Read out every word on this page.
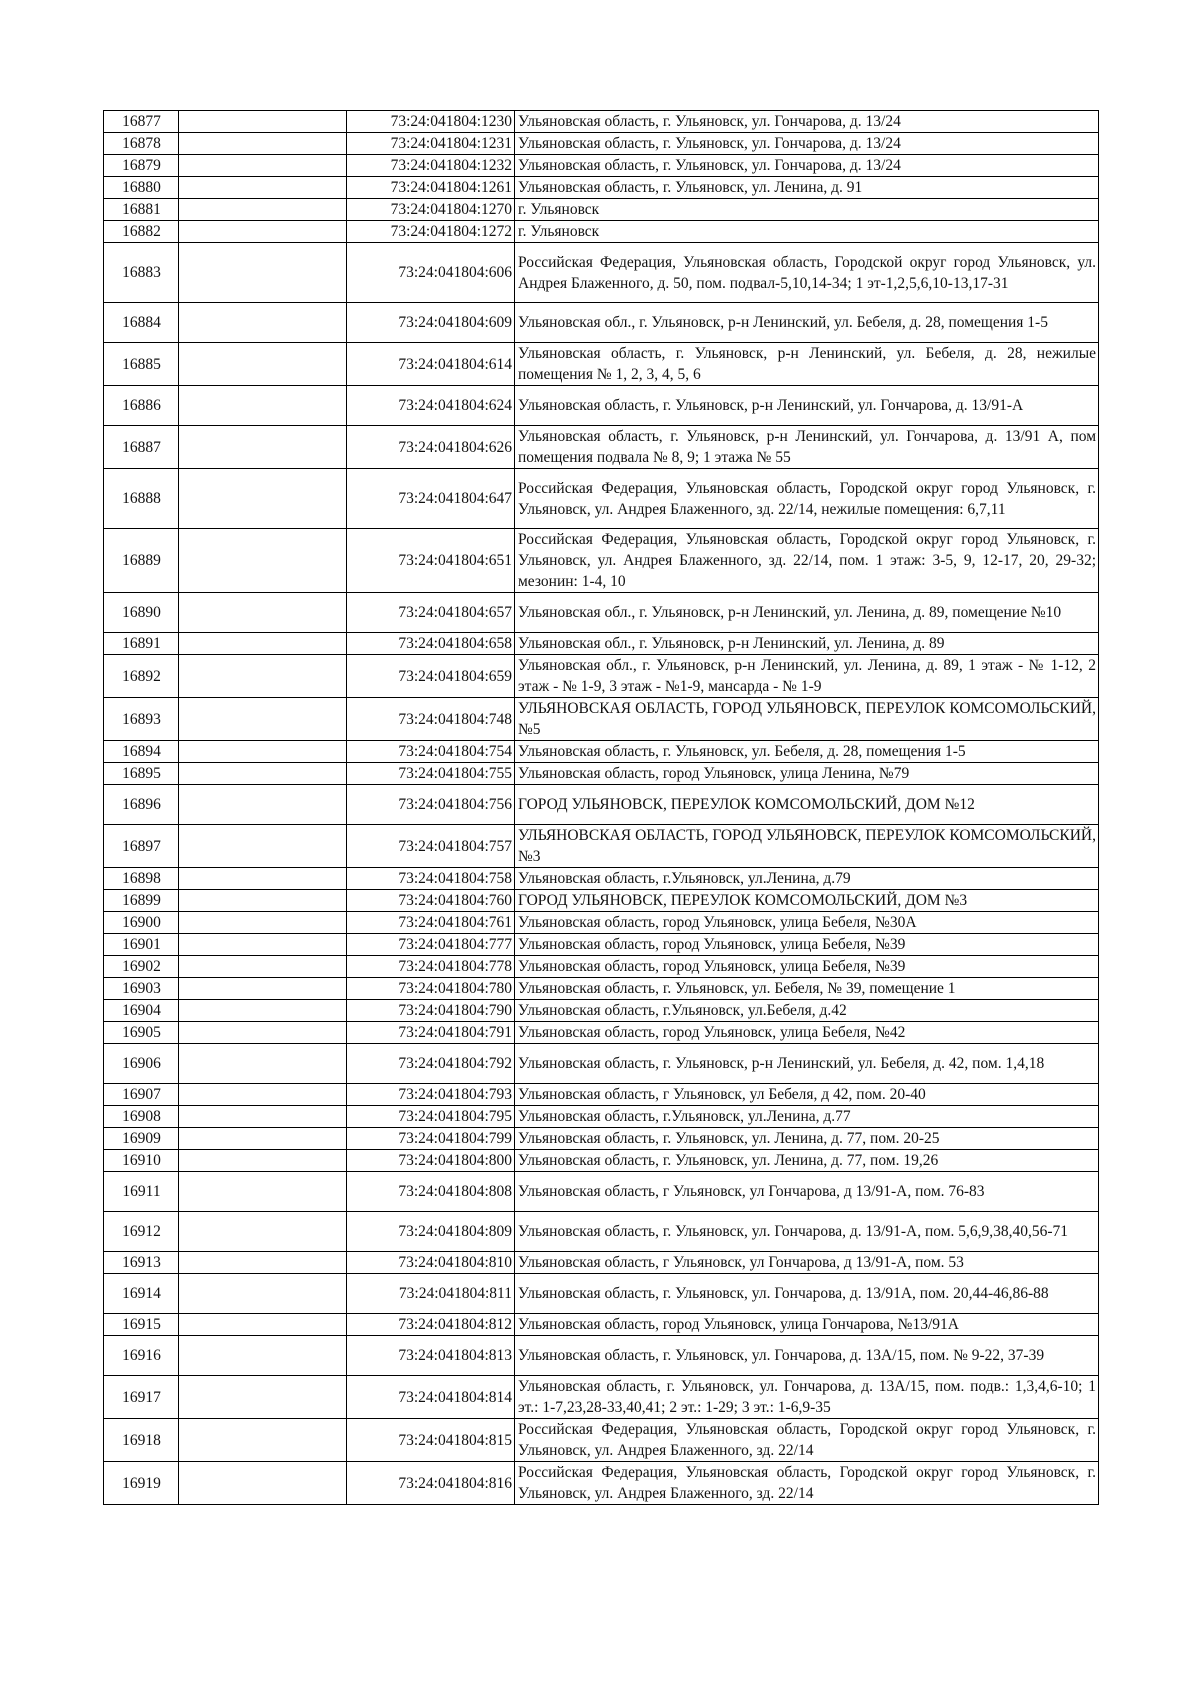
16877		73:24:041804:1230	Ульяновская область, г. Ульяновск, ул. Гончарова, д. 13/24
16878		73:24:041804:1231	Ульяновская область, г. Ульяновск, ул. Гончарова, д. 13/24
16879		73:24:041804:1232	Ульяновская область, г. Ульяновск, ул. Гончарова, д. 13/24
16880		73:24:041804:1261	Ульяновская область, г. Ульяновск, ул. Ленина, д. 91
16881		73:24:041804:1270	г. Ульяновск
16882		73:24:041804:1272	г. Ульяновск
16883		73:24:041804:606	Российская Федерация, Ульяновская область, Городской округ город Ульяновск, ул. Андрея Блаженного, д. 50, пом. подвал-5,10,14-34; 1 эт-1,2,5,6,10-13,17-31
16884		73:24:041804:609	Ульяновская обл., г. Ульяновск, р-н Ленинский, ул. Бебеля, д. 28, помещения 1-5
16885		73:24:041804:614	Ульяновская область, г. Ульяновск, р-н Ленинский, ул. Бебеля, д. 28, нежилые помещения № 1, 2, 3, 4, 5, 6
16886		73:24:041804:624	Ульяновская область, г. Ульяновск, р-н Ленинский, ул. Гончарова, д. 13/91-А
16887		73:24:041804:626	Ульяновская область, г. Ульяновск, р-н Ленинский, ул. Гончарова, д. 13/91 А, пом помещения подвала № 8, 9; 1 этажа № 55
16888		73:24:041804:647	Российская Федерация, Ульяновская область, Городской округ город Ульяновск, г. Ульяновск, ул. Андрея Блаженного, зд. 22/14, нежилые помещения: 6,7,11
16889		73:24:041804:651	Российская Федерация, Ульяновская область, Городской округ город Ульяновск, г. Ульяновск, ул. Андрея Блаженного, зд. 22/14, пом. 1 этаж: 3-5, 9, 12-17, 20, 29-32; мезонин: 1-4, 10
16890		73:24:041804:657	Ульяновская обл., г. Ульяновск, р-н Ленинский, ул. Ленина, д. 89, помещение №10
16891		73:24:041804:658	Ульяновская обл., г. Ульяновск, р-н Ленинский, ул. Ленина, д. 89
16892		73:24:041804:659	Ульяновская обл., г. Ульяновск, р-н Ленинский, ул. Ленина, д. 89, 1 этаж - № 1-12, 2 этаж - № 1-9, 3 этаж - №1-9, мансарда - № 1-9
16893		73:24:041804:748	УЛЬЯНОВСКАЯ ОБЛАСТЬ, ГОРОД УЛЬЯНОВСК, ПЕРЕУЛОК КОМСОМОЛЬСКИЙ, №5
16894		73:24:041804:754	Ульяновская область, г. Ульяновск, ул. Бебеля, д. 28, помещения 1-5
16895		73:24:041804:755	Ульяновская область, город Ульяновск, улица Ленина, №79
16896		73:24:041804:756	ГОРОД УЛЬЯНОВСК, ПЕРЕУЛОК КОМСОМОЛЬСКИЙ, ДОМ №12
16897		73:24:041804:757	УЛЬЯНОВСКАЯ ОБЛАСТЬ, ГОРОД УЛЬЯНОВСК, ПЕРЕУЛОК КОМСОМОЛЬСКИЙ, №3
16898		73:24:041804:758	Ульяновская область, г.Ульяновск, ул.Ленина, д.79
16899		73:24:041804:760	ГОРОД УЛЬЯНОВСК, ПЕРЕУЛОК КОМСОМОЛЬСКИЙ, ДОМ №3
16900		73:24:041804:761	Ульяновская область, город Ульяновск, улица Бебеля, №30А
16901		73:24:041804:777	Ульяновская область, город Ульяновск, улица Бебеля, №39
16902		73:24:041804:778	Ульяновская область, город Ульяновск, улица Бебеля, №39
16903		73:24:041804:780	Ульяновская область, г. Ульяновск, ул. Бебеля, № 39, помещение 1
16904		73:24:041804:790	Ульяновская область, г.Ульяновск, ул.Бебеля, д.42
16905		73:24:041804:791	Ульяновская область, город Ульяновск, улица Бебеля, №42
16906		73:24:041804:792	Ульяновская область, г. Ульяновск, р-н Ленинский, ул. Бебеля, д. 42, пом. 1,4,18
16907		73:24:041804:793	Ульяновская область, г Ульяновск, ул Бебеля, д 42, пом. 20-40
16908		73:24:041804:795	Ульяновская область, г.Ульяновск, ул.Ленина, д.77
16909		73:24:041804:799	Ульяновская область, г. Ульяновск, ул. Ленина, д. 77, пом. 20-25
16910		73:24:041804:800	Ульяновская область, г. Ульяновск, ул. Ленина, д. 77, пом. 19,26
16911		73:24:041804:808	Ульяновская область, г Ульяновск, ул Гончарова, д 13/91-А, пом. 76-83
16912		73:24:041804:809	Ульяновская область, г. Ульяновск, ул. Гончарова, д. 13/91-А, пом. 5,6,9,38,40,56-71
16913		73:24:041804:810	Ульяновская область, г Ульяновск, ул Гончарова, д 13/91-А, пом. 53
16914		73:24:041804:811	Ульяновская область, г. Ульяновск, ул. Гончарова, д. 13/91А, пом. 20,44-46,86-88
16915		73:24:041804:812	Ульяновская область, город Ульяновск, улица Гончарова, №13/91А
16916		73:24:041804:813	Ульяновская область, г. Ульяновск, ул. Гончарова, д. 13А/15, пом. № 9-22, 37-39
16917		73:24:041804:814	Ульяновская область, г. Ульяновск, ул. Гончарова, д. 13А/15, пом. подв.: 1,3,4,6-10; 1 эт.: 1-7,23,28-33,40,41; 2 эт.: 1-29; 3 эт.: 1-6,9-35
16918		73:24:041804:815	Российская Федерация, Ульяновская область, Городской округ город Ульяновск, г. Ульяновск, ул. Андрея Блаженного, зд. 22/14
16919		73:24:041804:816	Российская Федерация, Ульяновская область, Городской округ город Ульяновск, г. Ульяновск, ул. Андрея Блаженного, зд. 22/14
